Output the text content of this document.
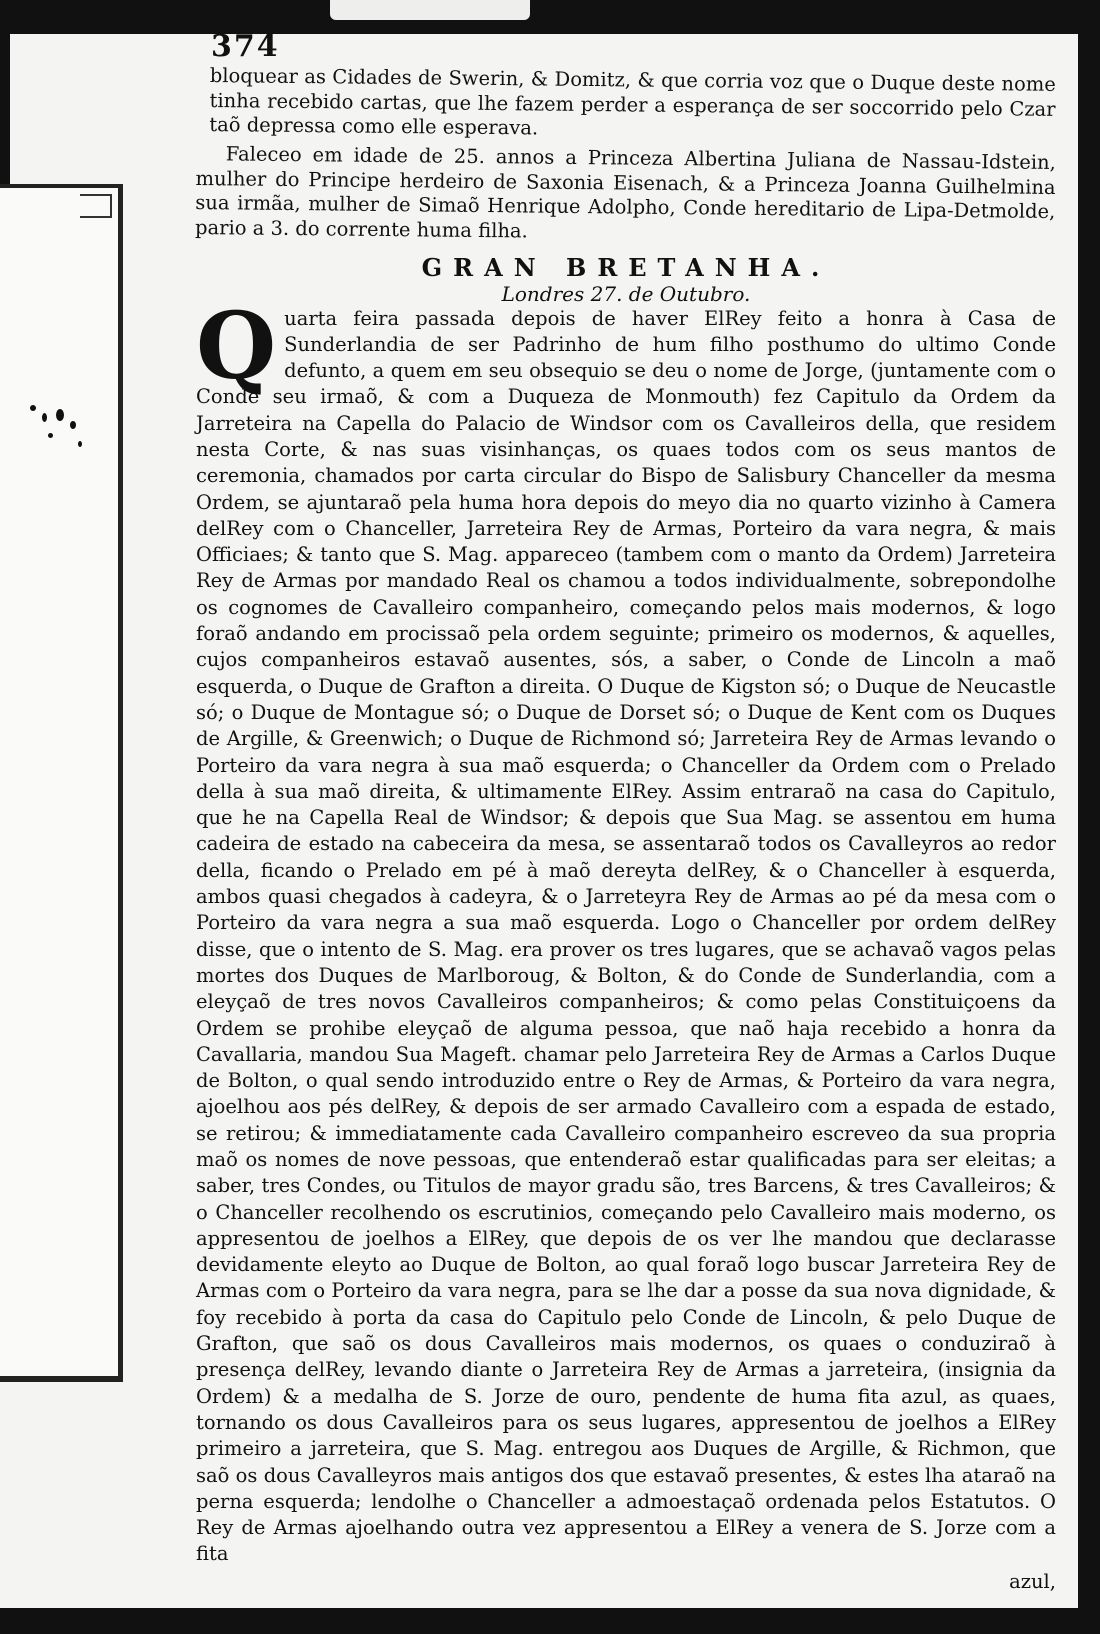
374

bloquear as Cidades de Swerin, & Domitz, & que corria voz que o Duque deste nome tinha recebido cartas, que lhe fazem perder a esperança de ser soccorrido pelo Czar taõ depressa como elle esperava.

Faleceo em idade de 25. annos a Princeza Albertina Juliana de Nassau-Idstein, mulher do Principe herdeiro de Saxonia Eisenach, & a Princeza Joanna Guilhelmina sua irmãa, mulher de Simaõ Henrique Adolpho, Conde hereditario de Lipa-Detmolde, pario a 3. do corrente huma filha.

GRAN BRETANHA.

Londres 27. de Outubro.

Q uarta feira passada depois de haver ElRey feito a honra à Casa de Sunderlandia de ser Padrinho de hum filho posthumo do ultimo Conde defunto, a quem em seu obsequio se deu o nome de Jorge, (juntamente com o Conde seu irmaõ, & com a Duqueza de Monmouth) fez Capitulo da Ordem da Jarreteira na Capella do Palacio de Windsor com os Cavalleiros della, que residem nesta Corte, & nas suas visinhanças, os quaes todos com os seus mantos de ceremonia, chamados por carta circular do Bispo de Salisbury Chanceller da mesma Ordem, se ajuntaraõ pela huma hora depois do meyo dia no quarto vizinho à Camera delRey com o Chanceller, Jarreteira Rey de Armas, Porteiro da vara negra, & mais Officiaes; & tanto que S. Mag. appareceo (tambem com o manto da Ordem) Jarreteira Rey de Armas por mandado Real os chamou a todos individualmente, sobrepondolhe os cognomes de Cavalleiro companheiro, começando pelos mais modernos, & logo foraõ andando em procissaõ pela ordem seguinte; primeiro os modernos, & aquelles, cujos companheiros estavaõ ausentes, sós, a saber, o Conde de Lincoln a maõ esquerda, o Duque de Grafton a direita. O Duque de Kigston só; o Duque de Neucastle só; o Duque de Montague só; o Duque de Dorset só; o Duque de Kent com os Duques de Argille, & Greenwich; o Duque de Richmond só; Jarreteira Rey de Armas levando o Porteiro da vara negra à sua maõ esquerda; o Chanceller da Ordem com o Prelado della à sua maõ direita, & ultimamente ElRey. Assim entraraõ na casa do Capitulo, que he na Capella Real de Windsor; & depois que Sua Mag. se assentou em huma cadeira de estado na cabeceira da mesa, se assentaraõ todos os Cavalleyros ao redor della, ficando o Prelado em pé à maõ dereyta delRey, & o Chanceller à esquerda, ambos quasi chegados à cadeyra, & o Jarreteyra Rey de Armas ao pé da mesa com o Porteiro da vara negra a sua maõ esquerda. Logo o Chanceller por ordem delRey disse, que o intento de S. Mag. era prover os tres lugares, que se achavaõ vagos pelas mortes dos Duques de Marlboroug, & Bolton, & do Conde de Sunderlandia, com a eleyçaõ de tres novos Cavalleiros companheiros; & como pelas Constituiçoens da Ordem se prohibe eleyçaõ de alguma pessoa, que naõ haja recebido a honra da Cavallaria, mandou Sua Mageft. chamar pelo Jarreteira Rey de Armas a Carlos Duque de Bolton, o qual sendo introduzido entre o Rey de Armas, & Porteiro da vara negra, ajoelhou aos pés delRey, & depois de ser armado Cavalleiro com a espada de estado, se retirou; & immediatamente cada Cavalleiro companheiro escreveo da sua propria maõ os nomes de nove pessoas, que entenderaõ estar qualificadas para ser eleitas; a saber, tres Condes, ou Titulos de mayor gradu são, tres Barcens, & tres Cavalleiros; & o Chanceller recolhendo os escrutinios, começando pelo Cavalleiro mais moderno, os appresentou de joelhos a ElRey, que depois de os ver lhe mandou que declarasse devidamente eleyto ao Duque de Bolton, ao qual foraõ logo buscar Jarreteira Rey de Armas com o Porteiro da vara negra, para se lhe dar a posse da sua nova dignidade, & foy recebido à porta da casa do Capitulo pelo Conde de Lincoln, & pelo Duque de Grafton, que saõ os dous Cavalleiros mais modernos, os quaes o conduziraõ à presença delRey, levando diante o Jarreteira Rey de Armas a jarreteira, (insignia da Ordem) & a medalha de S. Jorze de ouro, pendente de huma fita azul, as quaes, tornando os dous Cavalleiros para os seus lugares, appresentou de joelhos a ElRey primeiro a jarreteira, que S. Mag. entregou aos Duques de Argille, & Richmon, que saõ os dous Cavalleyros mais antigos dos que estavaõ presentes, & estes lha ataraõ na perna esquerda; lendolhe o Chanceller a admoestaçaõ ordenada pelos Estatutos. O Rey de Armas ajoelhando outra vez appresentou a ElRey a venera de S. Jorze com a fita

azul,
